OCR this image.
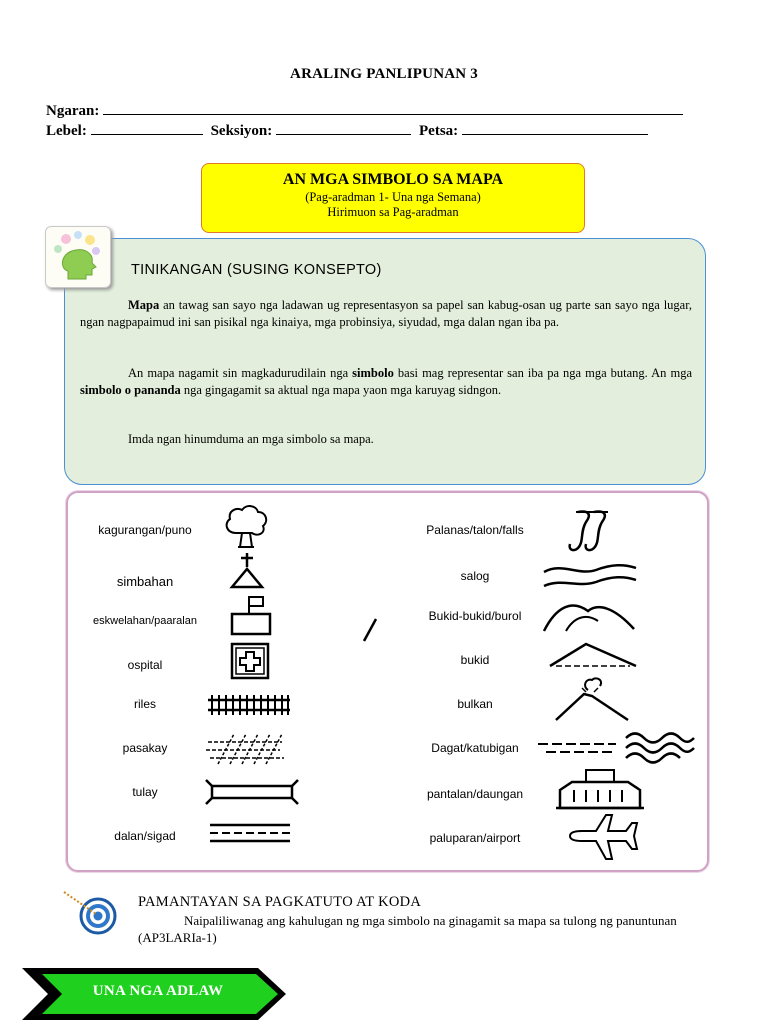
ARALING PANLIPUNAN 3
Ngaran:
Lebel:	Seksiyon:	Petsa:
AN MGA SIMBOLO SA MAPA
(Pag-aradman 1- Una nga Semana)
Hirimuon sa Pag-aradman
TINIKANGAN (SUSING KONSEPTO)
Mapa an tawag san sayo nga ladawan ug representasyon sa papel san kabug-osan ug parte san sayo nga lugar, ngan nagpapaimud ini san pisikal nga kinaiya, mga probinsiya, siyudad, mga dalan ngan iba pa.
An mapa nagamit sin magkadurudilain nga simbolo basi mag representar san iba pa nga mga butang. An mga simbolo o pananda nga gingagamit sa aktual nga mapa yaon mga karuyag sidngon.
Imda ngan hinumduma an mga simbolo sa mapa.
kagurangan/puno
simbahan
eskwelahan/paaralan
ospital
riles
pasakay
tulay
dalan/sigad
Palanas/talon/falls
salog
Bukid-bukid/burol
bukid
bulkan
Dagat/katubigan
pantalan/daungan
paluparan/airport
PAMANTAYAN SA PAGKATUTO AT KODA
Naipaliliwanag ang kahulugan ng mga simbolo na ginagamit sa mapa sa tulong ng panuntunan (AP3LARIa-1)
UNA NGA ADLAW
